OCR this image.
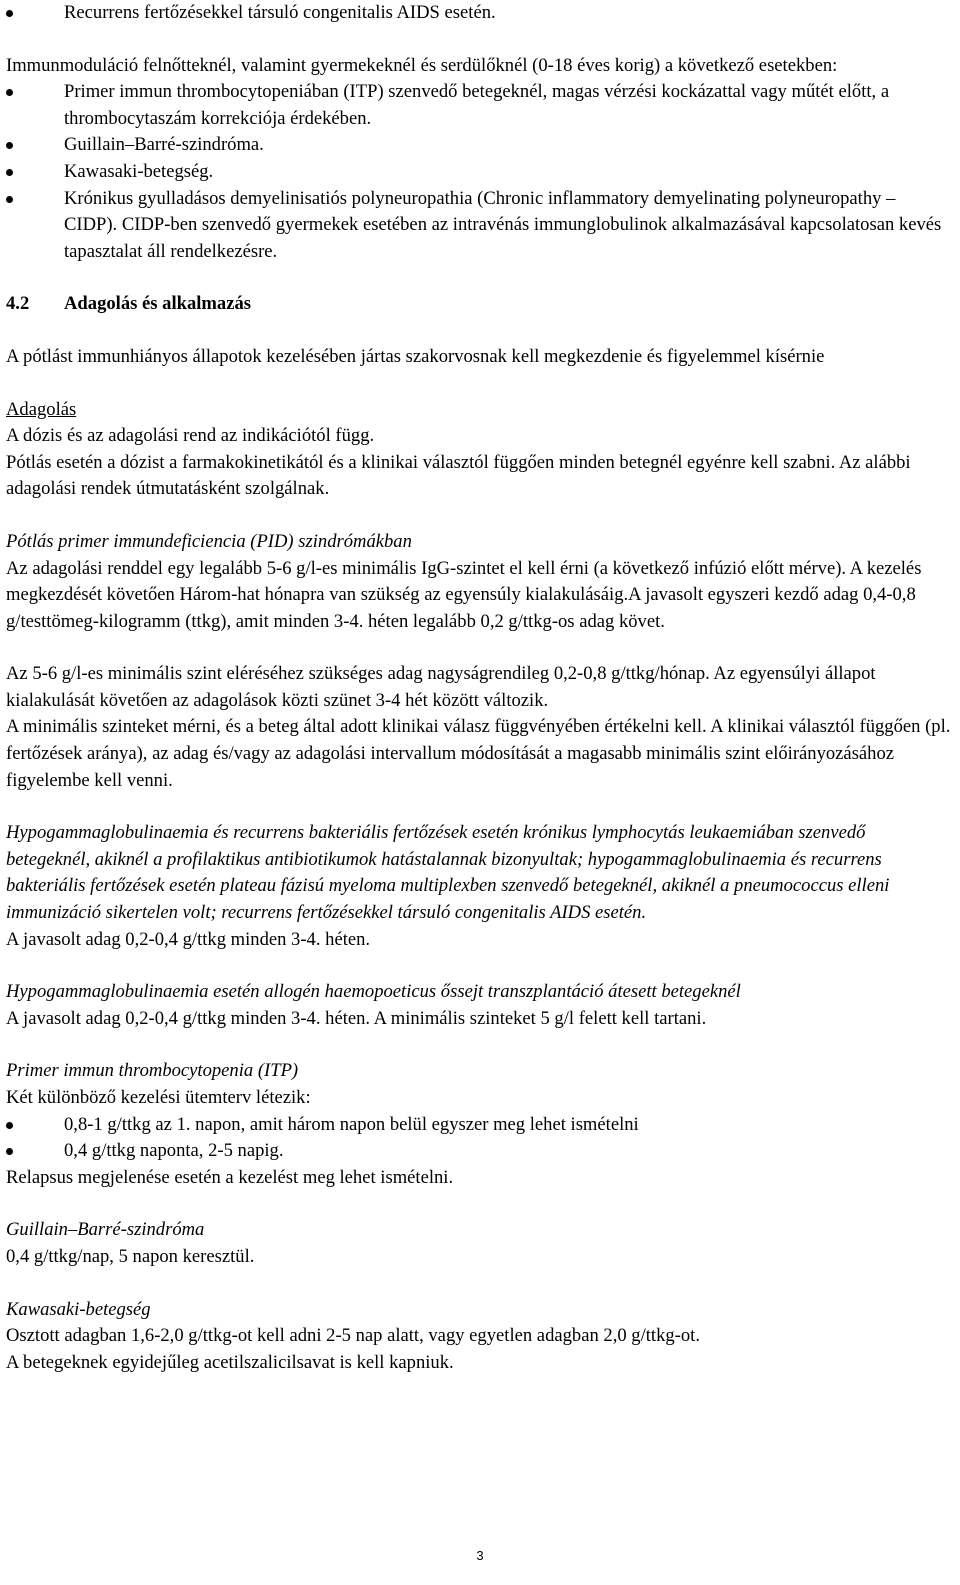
Recurrens fertőzésekkel társuló congenitalis AIDS esetén.

Immunmoduláció felnőtteknél, valamint gyermekeknél és serdülőknél (0-18 éves korig) a következő esetekben:

Primer immun thrombocytopeniában (ITP) szenvedő betegeknél, magas vérzési kockázattal vagy műtét előtt, a thrombocytaszám korrekciója érdekében.
Guillain–Barré-szindróma.
Kawasaki-betegség.
Krónikus gyulladásos demyelinisatiós polyneuropathia (Chronic inflammatory demyelinating polyneuropathy – CIDP). CIDP-ben szenvedő gyermekek esetében az intravénás immunglobulinok alkalmazásával kapcsolatosan kevés tapasztalat áll rendelkezésre.
4.2 Adagolás és alkalmazás

A pótlást immunhiányos állapotok kezelésében jártas szakorvosnak kell megkezdenie és figyelemmel kísérnie

Adagolás

A dózis és az adagolási rend az indikációtól függ.

Pótlás esetén a dózist a farmakokinetikától és a klinikai választól függően minden betegnél egyénre kell szabni. Az alábbi adagolási rendek útmutatásként szolgálnak.

Pótlás primer immundeficiencia (PID) szindrómákban

Az adagolási renddel egy legalább 5-6 g/l-es minimális IgG-szintet el kell érni (a következő infúzió előtt mérve). A kezelés megkezdését követően Három-hat hónapra van szükség az egyensúly kialakulásáig.A javasolt egyszeri kezdő adag 0,4-0,8 g/testtömeg-kilogramm (ttkg), amit minden 3-4. héten legalább 0,2 g/ttkg-os adag követ.

Az 5-6 g/l-es minimális szint eléréséhez szükséges adag nagyságrendileg 0,2-0,8 g/ttkg/hónap. Az egyensúlyi állapot kialakulását követően az adagolások közti szünet 3-4 hét között változik.

A minimális szinteket mérni, és a beteg által adott klinikai válasz függvényében értékelni kell. A klinikai választól függően (pl. fertőzések aránya), az adag és/vagy az adagolási intervallum módosítását a magasabb minimális szint előirányozásához figyelembe kell venni.

Hypogammaglobulinaemia és recurrens bakteriális fertőzések esetén krónikus lymphocytás leukaemiában szenvedő betegeknél, akiknél a profilaktikus antibiotikumok hatástalannak bizonyultak; hypogammaglobulinaemia és recurrens bakteriális fertőzések esetén plateau fázisú myeloma multiplexben szenvedő betegeknél, akiknél a pneumococcus elleni immunizáció sikertelen volt; recurrens fertőzésekkel társuló congenitalis AIDS esetén.

A javasolt adag 0,2-0,4 g/ttkg minden 3-4. héten.

Hypogammaglobulinaemia esetén allogén haemopoeticus őssejt transzplantáció átesett betegeknél

A javasolt adag 0,2-0,4 g/ttkg minden 3-4. héten. A minimális szinteket 5 g/l felett kell tartani.

Primer immun thrombocytopenia (ITP)

Két különböző kezelési ütemterv létezik:

0,8-1 g/ttkg az 1. napon, amit három napon belül egyszer meg lehet ismételni
0,4 g/ttkg naponta, 2-5 napig.

Relapsus megjelenése esetén a kezelést meg lehet ismételni.

Guillain–Barré-szindróma

0,4 g/ttkg/nap, 5 napon keresztül.

Kawasaki-betegség

Osztott adagban 1,6-2,0 g/ttkg-ot kell adni 2-5 nap alatt, vagy egyetlen adagban 2,0 g/ttkg-ot.

A betegeknek egyidejűleg acetilszalicilsavat is kell kapniuk.

3
